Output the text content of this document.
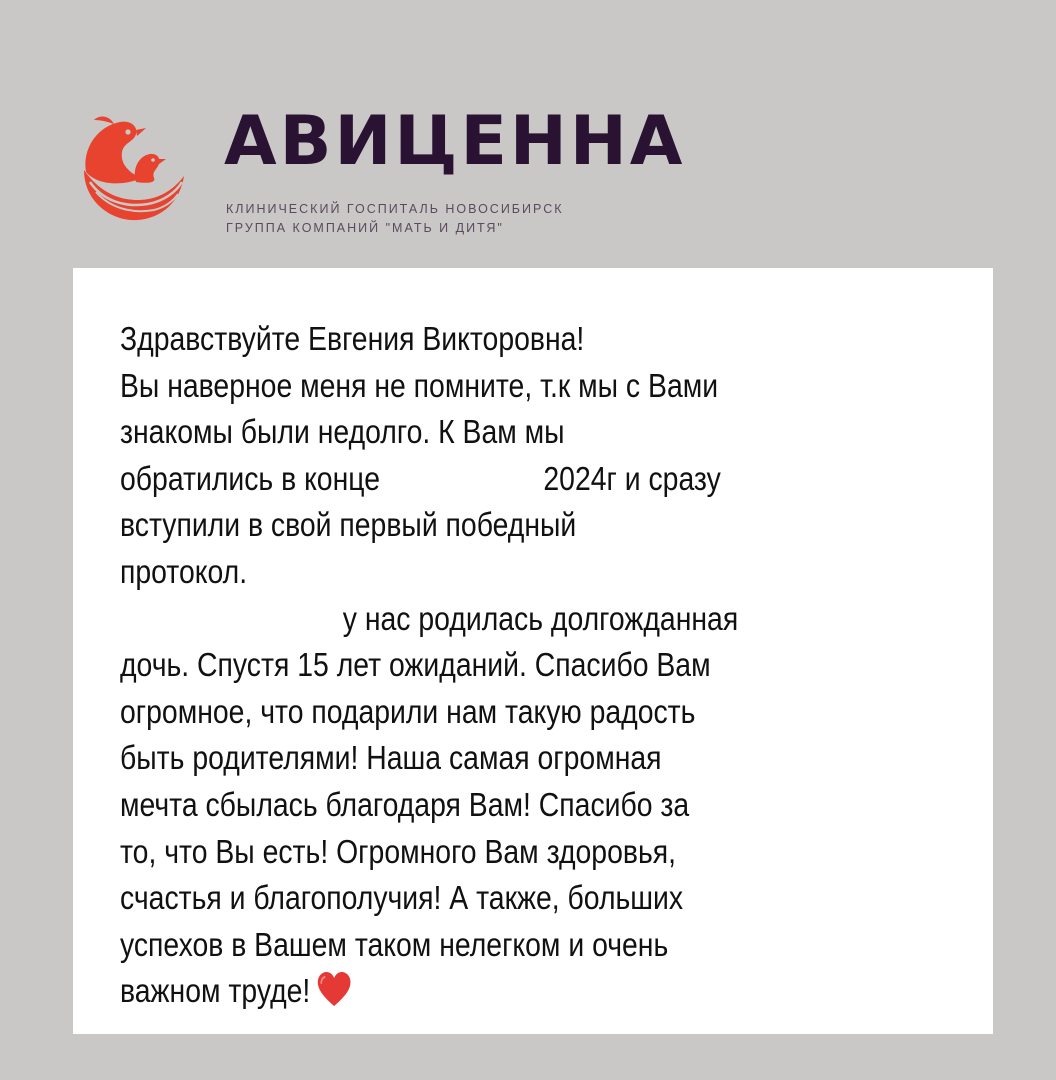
АВИЦЕННА
КЛИНИЧЕСКИЙ ГОСПИТАЛЬ НОВОСИБИРСК
ГРУППА КОМПАНИЙ "МАТЬ И ДИТЯ"
Здравствуйте Евгения Викторовна!
Вы наверное меня не помните, т.к мы с Вами
знакомы были недолго. К Вам мы
обратились в конце	2024г и сразу
вступили в свой первый победный
протокол.
у нас родилась долгожданная
дочь. Спустя 15 лет ожиданий. Спасибо Вам
огромное, что подарили нам такую радость
быть родителями! Наша самая огромная
мечта сбылась благодаря Вам! Спасибо за
то, что Вы есть! Огромного Вам здоровья,
счастья и благополучия! А также, больших
успехов в Вашем таком нелегком и очень
важном труде!
